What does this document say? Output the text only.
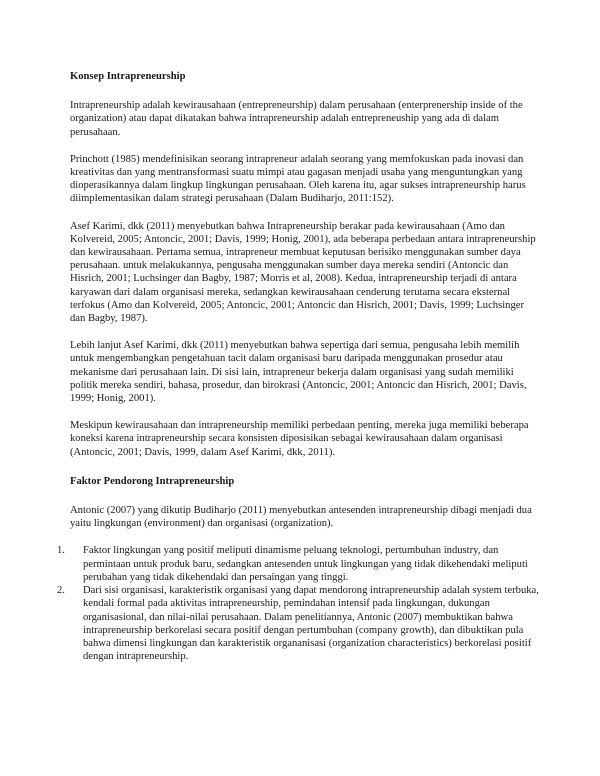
Konsep Intrapreneurship

Intrapreneurship adalah kewirausahaan (entrepreneurship) dalam perusahaan (enterprenership inside of the organization) atau dapat dikatakan bahwa intrapreneurship adalah entrepreneuship yang ada di dalam perusahaan.

Princhott (1985) mendefinisikan seorang intrapreneur adalah seorang yang memfokuskan pada inovasi dan kreativitas dan yang mentransformasi suatu mimpi atau gagasan menjadi usaha yang menguntungkan yang dioperasikannya dalam lingkup lingkungan perusahaan. Oleh karena itu, agar sukses intrapreneurship harus diimplementasikan dalam strategi perusahaan (Dalam Budiharjo, 2011:152).

Asef Karimi, dkk (2011) menyebutkan bahwa Intrapreneurship berakar pada kewirausahaan (Amo dan Kolvereid, 2005; Antoncic, 2001; Davis, 1999; Honig, 2001), ada beberapa perbedaan antara intrapreneurship dan kewirausahaan. Pertama semua, intrapreneur membuat keputusan berisiko menggunakan sumber daya perusahaan. untuk melakukannya, pengusaha menggunakan sumber daya mereka sendiri (Antoncic dan Hisrich, 2001; Luchsinger dan Bagby, 1987; Morris et al, 2008). Kedua, intrapreneurship terjadi di antara karyawan dari dalam organisasi mereka, sedangkan kewirausahaan cenderung terutama secara eksternal terfokus (Amo dan Kolvereid, 2005; Antoncic, 2001; Antoncic dan Hisrich, 2001; Davis, 1999; Luchsinger dan Bagby, 1987).

Lebih lanjut Asef Karimi, dkk (2011) menyebutkan bahwa sepertiga dari semua, pengusaha lebih memilih untuk mengembangkan pengetahuan tacit dalam organisasi baru daripada menggunakan prosedur atau mekanisme dari perusahaan lain. Di sisi lain, intrapreneur bekerja dalam organisasi yang sudah memiliki politik mereka sendiri, bahasa, prosedur, dan birokrasi (Antoncic, 2001; Antoncic dan Hisrich, 2001; Davis, 1999; Honig, 2001).

Meskipun kewirausahaan dan intrapreneurship memiliki perbedaan penting, mereka juga memiliki beberapa koneksi karena intrapreneurship secara konsisten diposisikan sebagai kewirausahaan dalam organisasi (Antoncic, 2001; Davis, 1999, dalam Asef Karimi, dkk, 2011).

Faktor Pendorong Intrapreneurship

Antonic (2007) yang dikutip Budiharjo (2011) menyebutkan antesenden intrapreneurship dibagi menjadi dua yaitu lingkungan (environment) dan organisasi (organization).

1.	Faktor lingkungan yang positif meliputi dinamisme peluang teknologi, pertumbuhan industry, dan permintaan untuk produk baru, sedangkan antesenden untuk lingkungan yang tidak dikehendaki meliputi perubahan yang tidak dikehendaki dan persaingan yang tinggi.
2.	Dari sisi organisasi, karakteristik organisasi yang dapat mendorong intrapreneurship adalah system terbuka, kendali formal pada aktivitas intrapreneurship, pemindahan intensif pada lingkungan, dukungan organisasional, dan nilai-nilai perusahaan. Dalam penelitiannya, Antonic (2007) membuktikan bahwa intrapreneurship berkorelasi secara positif dengan pertumbuhan (company growth), dan dibuktikan pula bahwa dimensi lingkungan dan karakteristik organanisasi (organization characteristics) berkorelasi positif dengan intrapreneurship.
